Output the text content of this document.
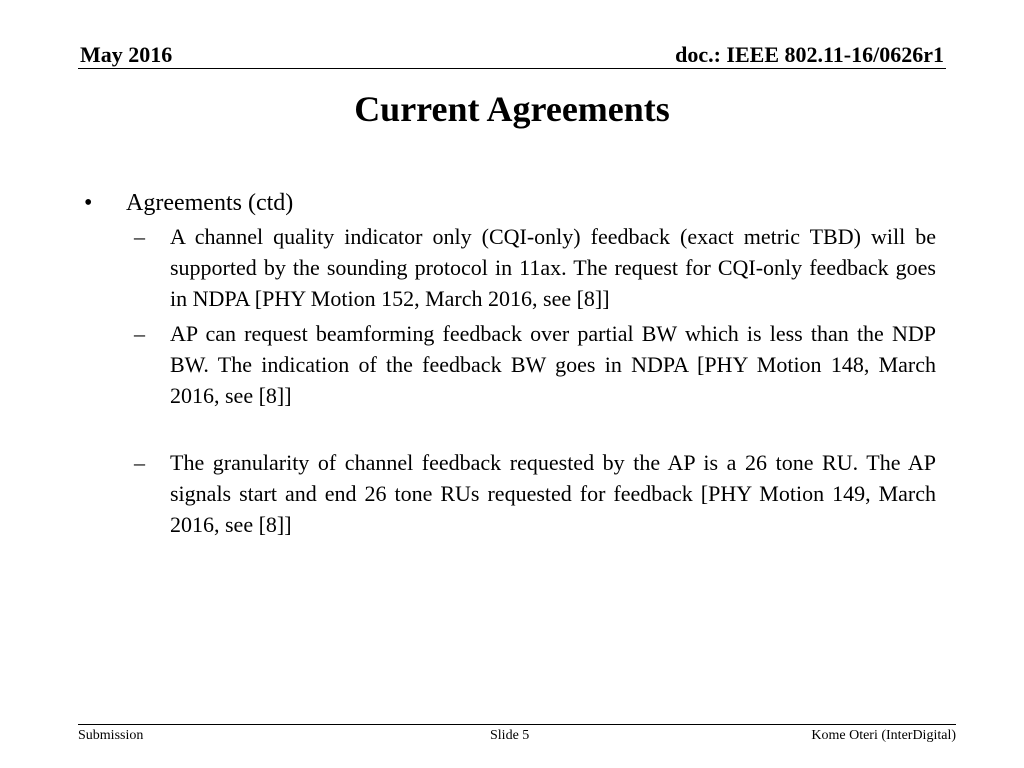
May 2016	doc.: IEEE 802.11-16/0626r1
Current Agreements
•	Agreements (ctd)
–	A channel quality indicator only (CQI-only) feedback (exact metric TBD) will be supported by the sounding protocol in 11ax. The request for CQI-only feedback goes in NDPA [PHY Motion 152, March 2016, see [8]]
–	AP can request beamforming feedback over partial BW which is less than the NDP BW. The indication of the feedback BW goes in NDPA [PHY Motion 148, March 2016, see [8]]
–	The granularity of channel feedback requested by the AP is a 26 tone RU. The AP signals start and end 26 tone RUs requested for feedback [PHY Motion 149, March 2016, see [8]]
Submission	Slide 5	Kome Oteri (InterDigital)
